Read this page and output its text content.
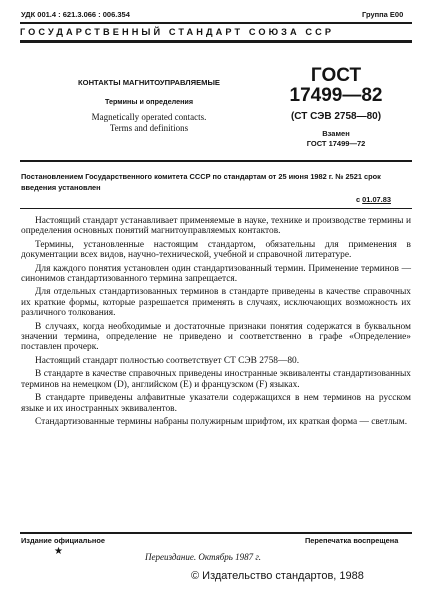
УДК 001.4 : 621.3.066 : 006.354	Группа Е00
ГОСУДАРСТВЕННЫЙ СТАНДАРТ СОЮЗА ССР
КОНТАКТЫ МАГНИТОУПРАВЛЯЕМЫЕ
Термины и определения
Magnetically operated contacts.
Terms and definitions
ГОСТ
17499—82
(СТ СЭВ 2758—80)
Взамен
ГОСТ 17499—72
Постановлением Государственного комитета СССР по стандартам от 25 июня 1982 г. № 2521 срок введения установлен
с 01.07.83

Настоящий стандарт устанавливает применяемые в науке, технике и производстве термины и определения основных понятий магнитоуправляемых контактов.

Термины, установленные настоящим стандартом, обязательны для применения в документации всех видов, научно-технической, учебной и справочной литературе.

Для каждого понятия установлен один стандартизованный термин. Применение терминов — синонимов стандартизованного термина запрещается.

Для отдельных стандартизованных терминов в стандарте приведены в качестве справочных их краткие формы, которые разрешается применять в случаях, исключающих возможность их различного толкования.

В случаях, когда необходимые и достаточные признаки понятия содержатся в буквальном значении термина, определение не приведено и соответственно в графе «Определение» поставлен прочерк.

Настоящий стандарт полностью соответствует СТ СЭВ 2758—80.

В стандарте в качестве справочных приведены иностранные эквиваленты стандартизованных терминов на немецком (D), английском (Е) и французском (F) языках.

В стандарте приведены алфавитные указатели содержащихся в нем терминов на русском языке и их иностранных эквивалентов.

Стандартизованные термины набраны полужирным шрифтом, их краткая форма — светлым.

Издание официальное	Перепечатка воспрещена
★	Переиздание. Октябрь 1987 г.
© Издательство стандартов, 1988
